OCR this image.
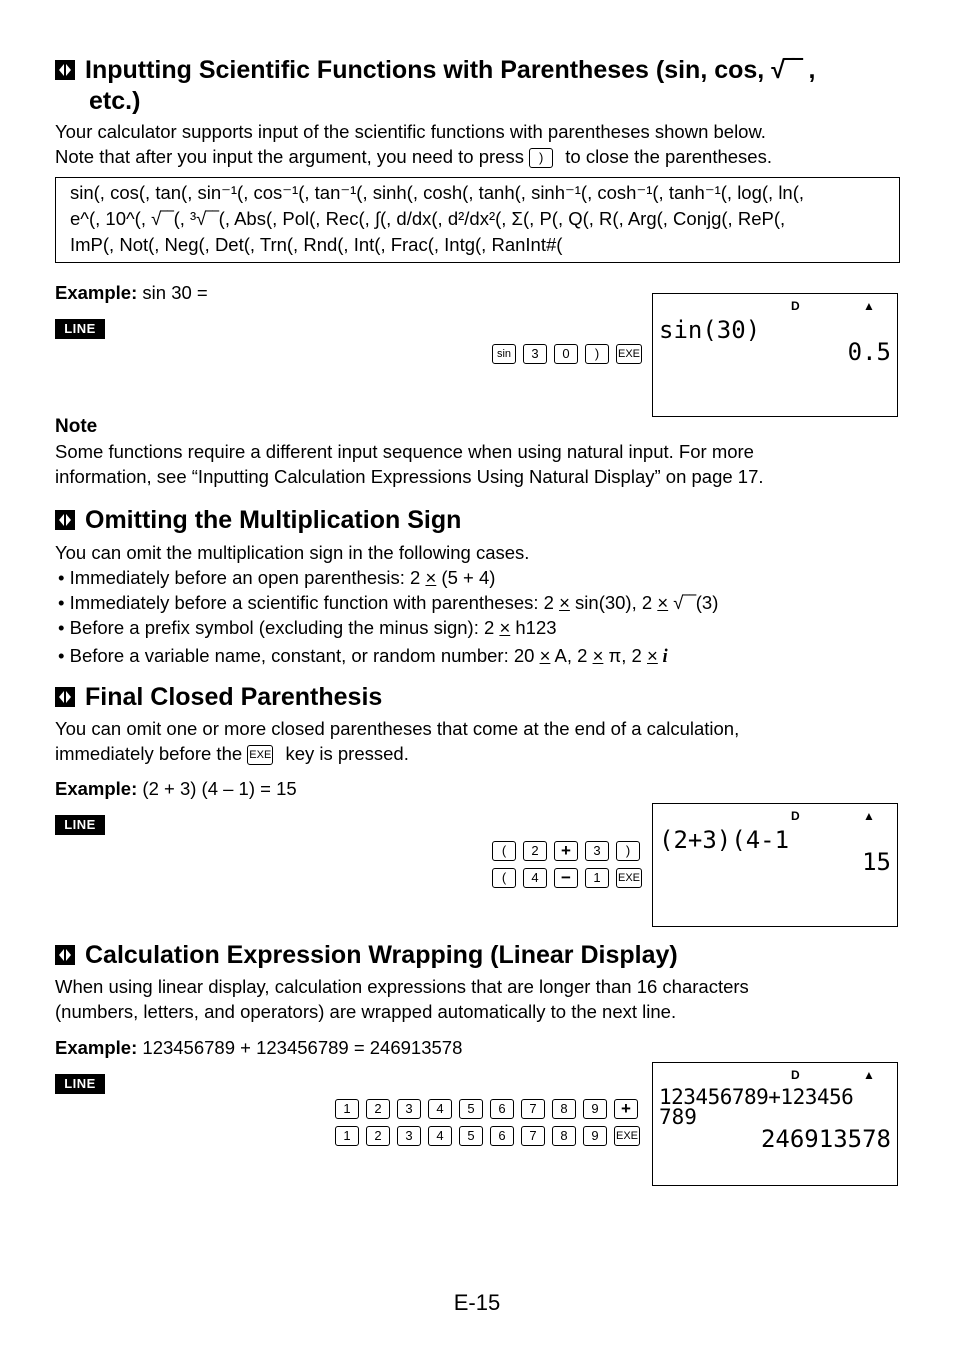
Inputting Scientific Functions with Parentheses (sin, cos, √‾‾ ,
etc.)
Your calculator supports input of the scientific functions with parentheses shown below.
Note that after you input the argument, you need to press ) to close the parentheses.
sin(, cos(, tan(, sin⁻¹(, cos⁻¹(, tan⁻¹(, sinh(, cosh(, tanh(, sinh⁻¹(, cosh⁻¹(, tanh⁻¹(, log(, ln(,
e^(, 10^(, √‾‾(, ³√‾‾(, Abs(, Pol(, Rec(, ∫(, d/dx(, d²/dx²(, Σ(, P(, Q(, R(, Arg(, Conjg(, ReP(,
ImP(, Not(, Neg(, Det(, Trn(, Rnd(, Int(, Frac(, Intg(, RanInt#(
Example: sin 30 =
LINE
sin 3 0 ) EXE
D	▲
sin(30)
0.5
Note
Some functions require a different input sequence when using natural input. For more
information, see “Inputting Calculation Expressions Using Natural Display” on page 17.
Omitting the Multiplication Sign
You can omit the multiplication sign in the following cases.
• Immediately before an open parenthesis: 2 × (5 + 4)
• Immediately before a scientific function with parentheses: 2 × sin(30), 2 × √‾‾(3)
• Before a prefix symbol (excluding the minus sign): 2 × h123
• Before a variable name, constant, or random number: 20 × A, 2 × π, 2 × i
Final Closed Parenthesis
You can omit one or more closed parentheses that come at the end of a calculation,
immediately before the EXE key is pressed.
Example: (2 + 3) (4 – 1) = 15
LINE
( 2 + 3 )
( 4 − 1 EXE
D	▲
(2+3)(4-1
15
Calculation Expression Wrapping (Linear Display)
When using linear display, calculation expressions that are longer than 16 characters
(numbers, letters, and operators) are wrapped automatically to the next line.
Example: 123456789 + 123456789 = 246913578
LINE
1 2 3 4 5 6 7 8 9 +
1 2 3 4 5 6 7 8 9 EXE
D	▲
123456789+123456
789
246913578
E-15
